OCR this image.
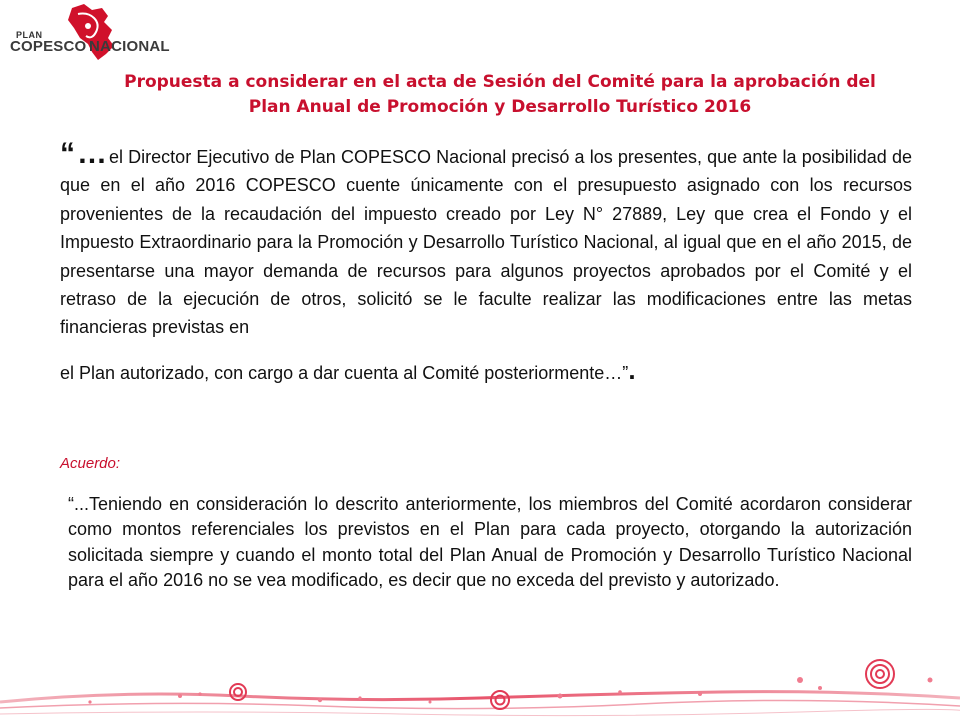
PLAN
COPESCO NACIONAL
Propuesta a considerar en el acta de Sesión del Comité para la aprobación del
Plan Anual de Promoción y Desarrollo Turístico 2016
“…el Director Ejecutivo de Plan COPESCO Nacional precisó a los presentes, que ante la posibilidad de que en el año 2016 COPESCO cuente únicamente con el presupuesto asignado con los recursos provenientes de la recaudación del impuesto creado por Ley N° 27889, Ley que crea el Fondo y el Impuesto Extraordinario para la Promoción y Desarrollo Turístico Nacional, al igual que en el año 2015, de presentarse una mayor demanda de recursos para algunos proyectos aprobados por el Comité y el retraso de la ejecución de otros, solicitó se le faculte realizar las modificaciones entre las metas financieras previstas en
el Plan autorizado, con cargo a dar cuenta al Comité posteriormente…”.
Acuerdo:
“...Teniendo en consideración lo descrito anteriormente, los miembros del Comité acordaron considerar como montos referenciales los previstos en el Plan para cada proyecto, otorgando la autorización solicitada siempre y cuando el monto total del Plan Anual de Promoción y Desarrollo Turístico Nacional para el año 2016 no se vea modificado, es decir que no exceda del previsto y autorizado.
